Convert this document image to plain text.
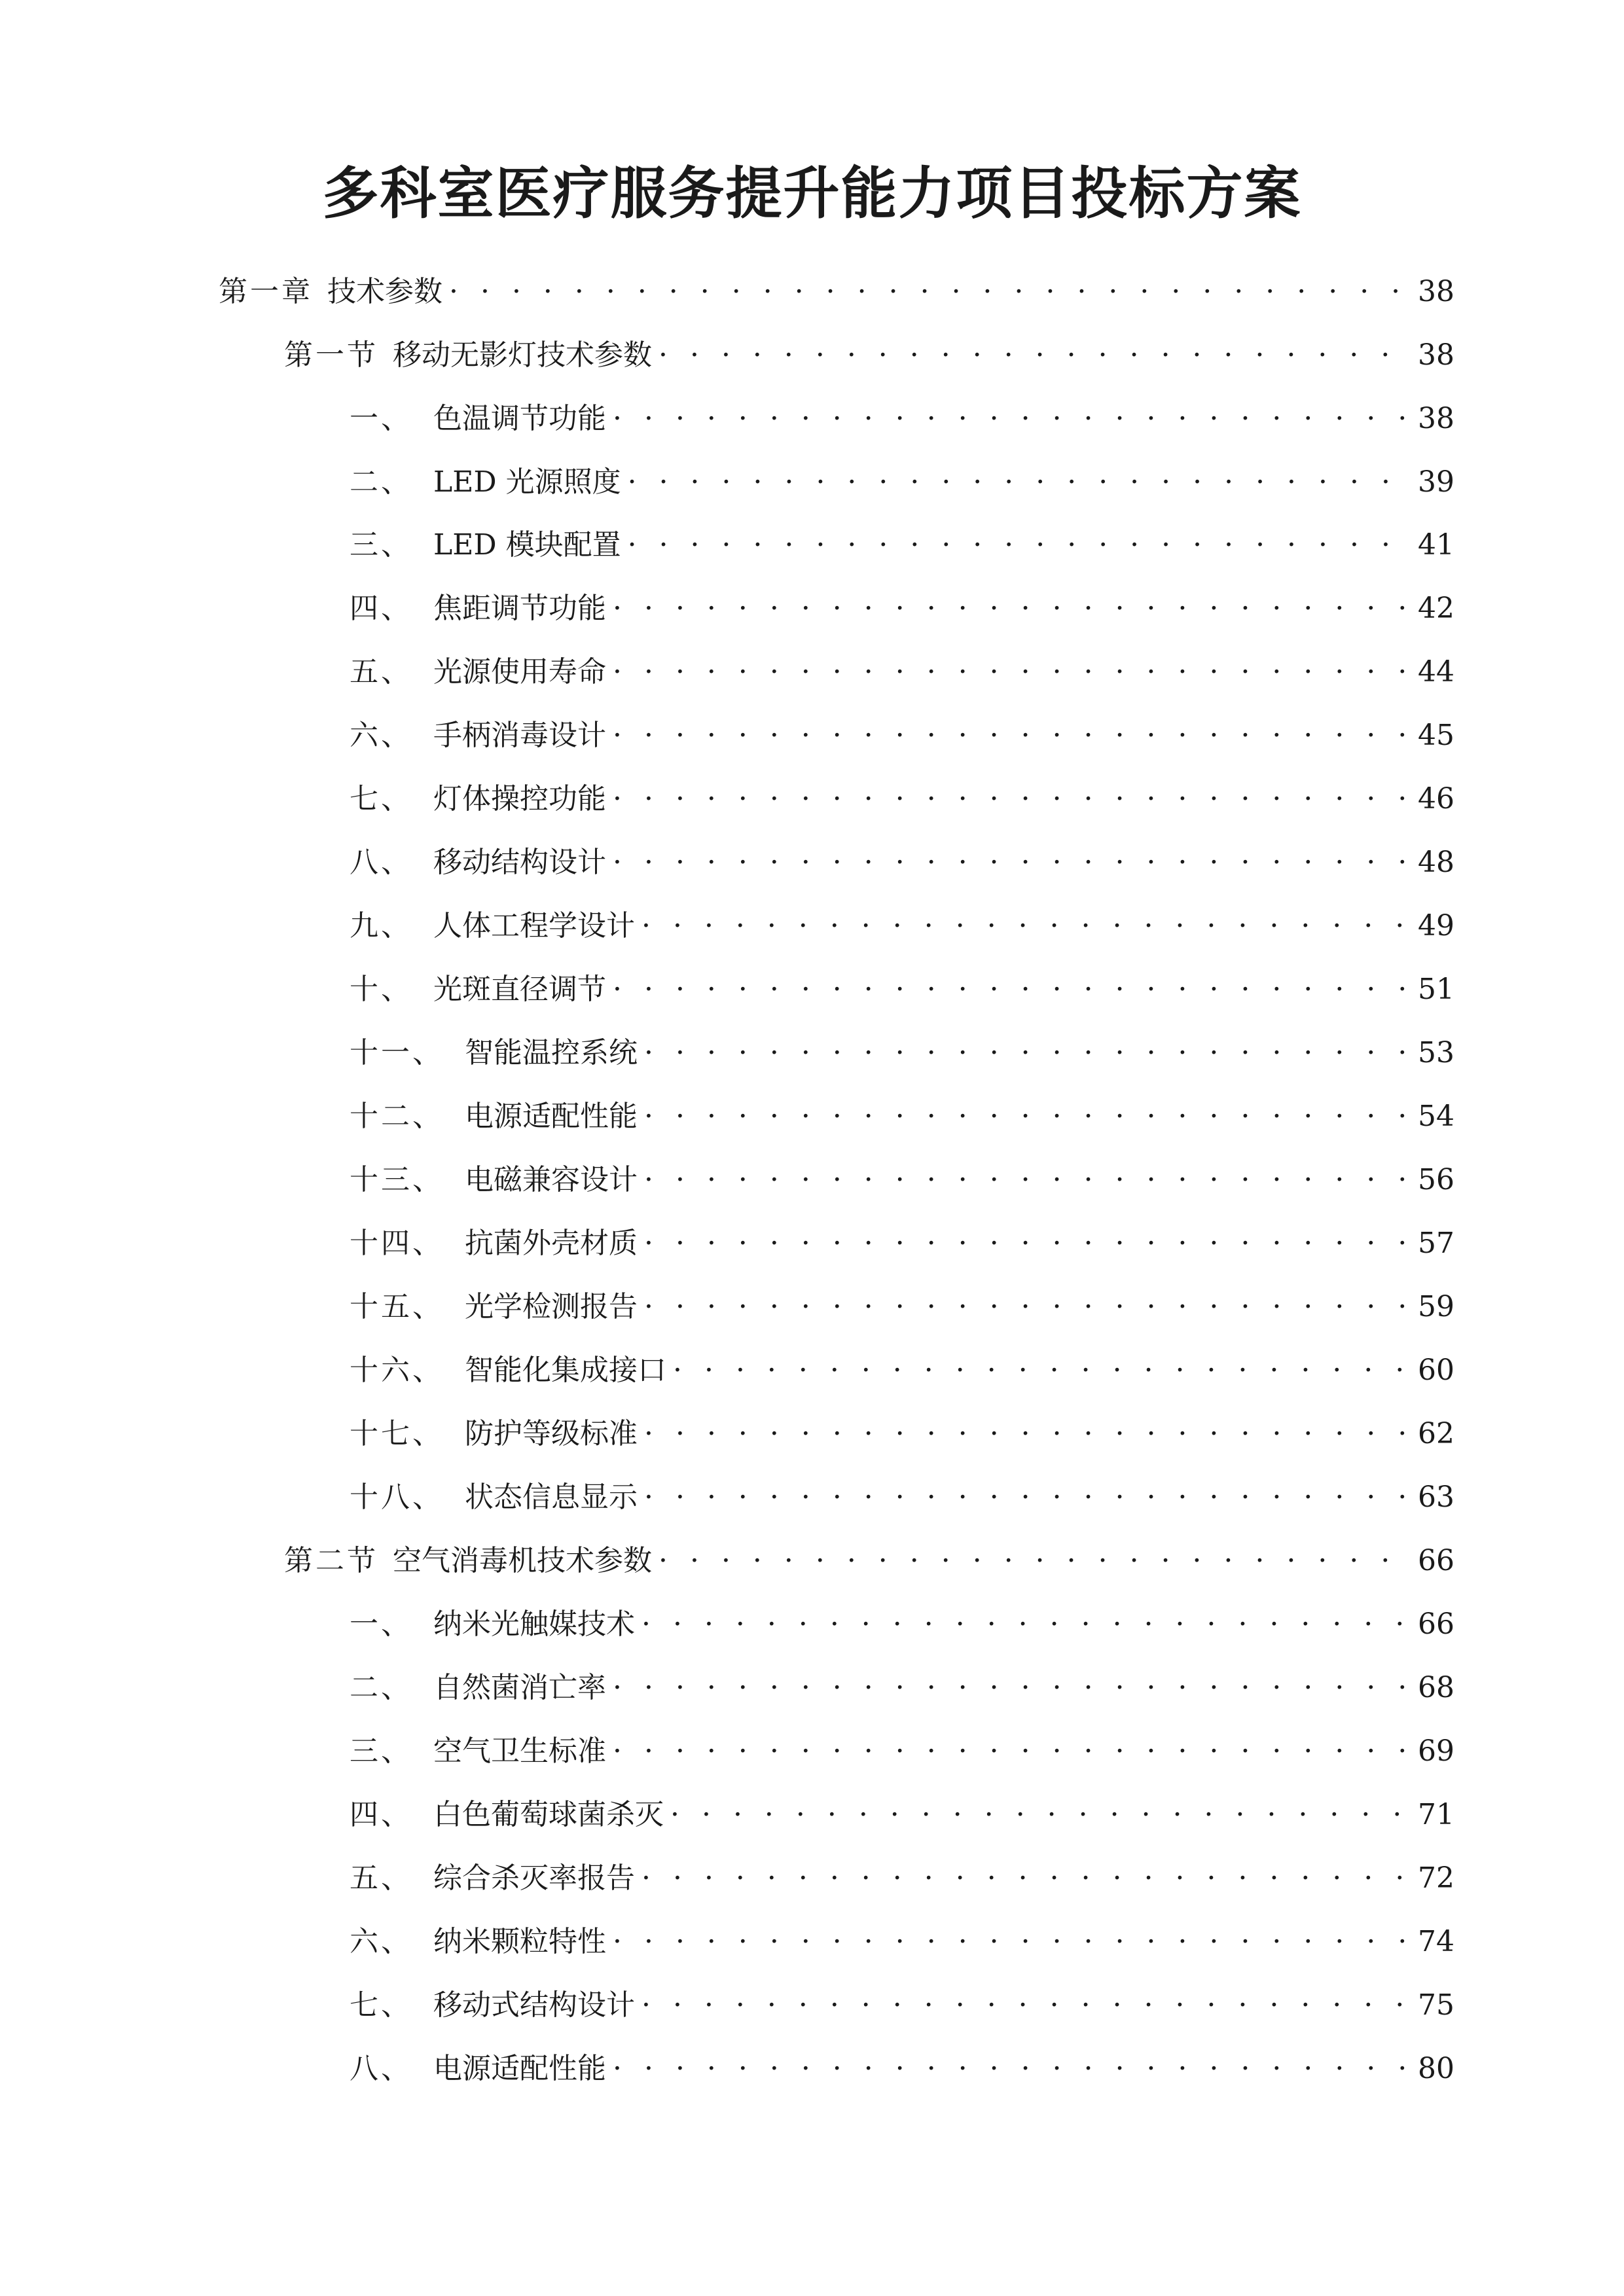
多科室医疗服务提升能力项目投标方案
第一章 技术参数 · · ·	38
第一节 移动无影灯技术参数 · · ·	38
一、 色温调节功能 · · ·	38
二、 LED 光源照度 · · ·	39
三、 LED 模块配置 · · ·	41
四、 焦距调节功能 · · ·	42
五、 光源使用寿命 · · ·	44
六、 手柄消毒设计 · · ·	45
七、 灯体操控功能 · · ·	46
八、 移动结构设计 · · ·	48
九、 人体工程学设计 · · ·	49
十、 光斑直径调节 · · ·	51
十一、 智能温控系统 · · ·	53
十二、 电源适配性能 · · ·	54
十三、 电磁兼容设计 · · ·	56
十四、 抗菌外壳材质 · · ·	57
十五、 光学检测报告 · · ·	59
十六、 智能化集成接口 · · ·	60
十七、 防护等级标准 · · ·	62
十八、 状态信息显示 · · ·	63
第二节 空气消毒机技术参数 · · ·	66
一、 纳米光触媒技术 · · ·	66
二、 自然菌消亡率 · · ·	68
三、 空气卫生标准 · · ·	69
四、 白色葡萄球菌杀灭 · · ·	71
五、 综合杀灭率报告 · · ·	72
六、 纳米颗粒特性 · · ·	74
七、 移动式结构设计 · · ·	75
八、 电源适配性能 · · ·	80
